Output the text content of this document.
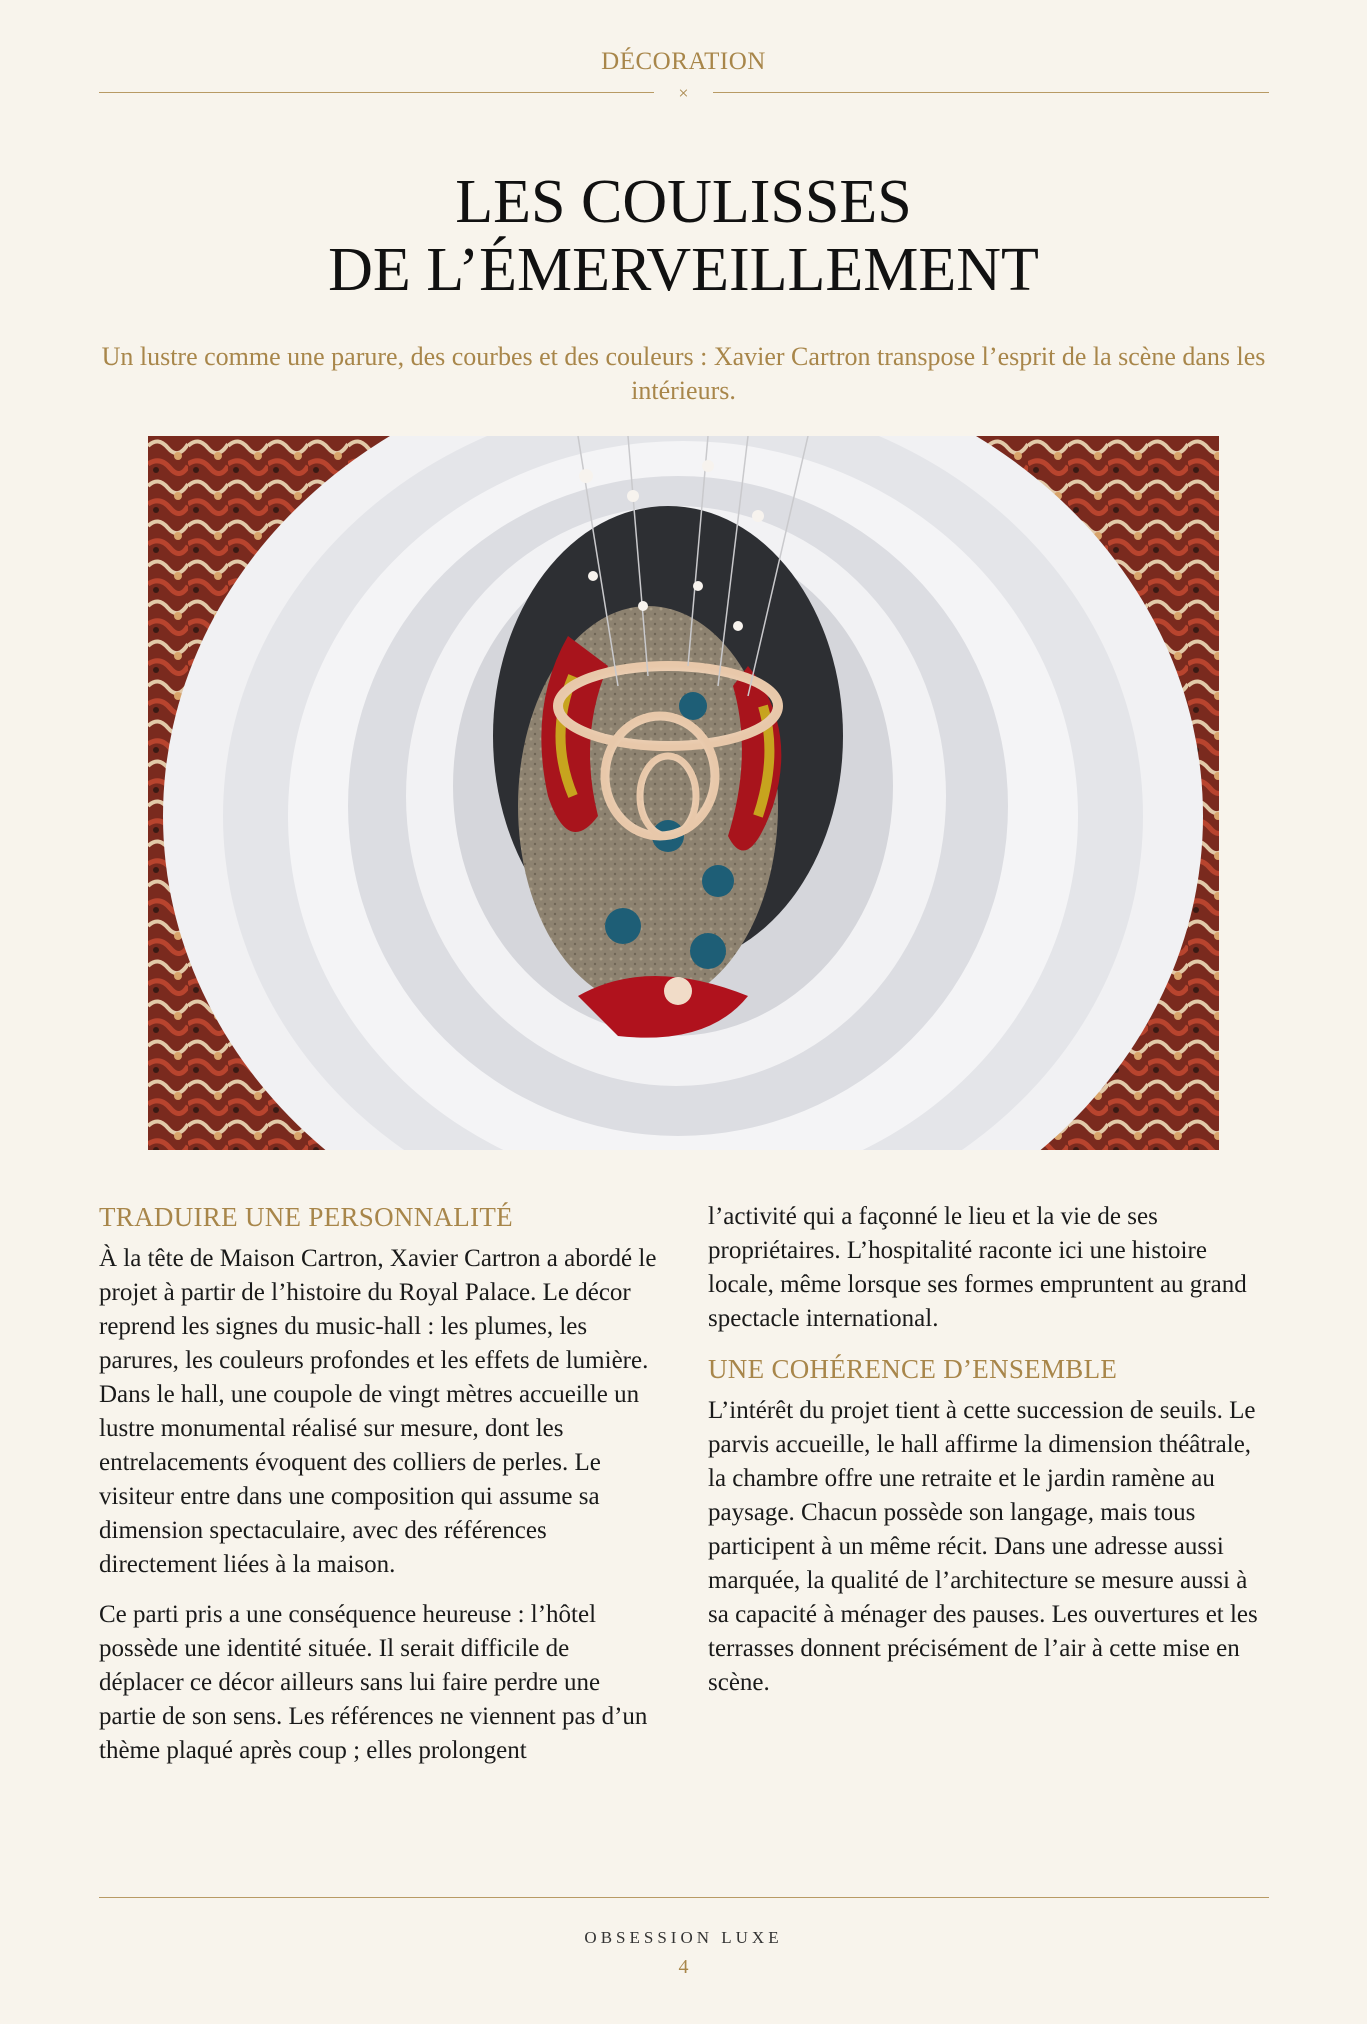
DÉCORATION
×
LES COULISSES
DE L’ÉMERVEILLEMENT
Un lustre comme une parure, des courbes et des couleurs : Xavier Cartron transpose l’esprit de la scène dans les intérieurs.
TRADUIRE UNE PERSONNALITÉ

À la tête de Maison Cartron, Xavier Cartron a abordé le projet à partir de l’histoire du Royal Palace. Le décor reprend les signes du music-hall : les plumes, les parures, les couleurs profondes et les effets de lumière. Dans le hall, une coupole de vingt mètres accueille un lustre monumental réalisé sur mesure, dont les entrelacements évoquent des colliers de perles. Le visiteur entre dans une composition qui assume sa dimension spectaculaire, avec des références directement liées à la maison.

Ce parti pris a une conséquence heureuse : l’hôtel possède une identité située. Il serait difficile de déplacer ce décor ailleurs sans lui faire perdre une partie de son sens. Les références ne viennent pas d’un thème plaqué après coup ; elles prolongent

l’activité qui a façonné le lieu et la vie de ses propriétaires. L’hospitalité raconte ici une histoire locale, même lorsque ses formes empruntent au grand spectacle international.

UNE COHÉRENCE D’ENSEMBLE

L’intérêt du projet tient à cette succession de seuils. Le parvis accueille, le hall affirme la dimension théâtrale, la chambre offre une retraite et le jardin ramène au paysage. Chacun possède son langage, mais tous participent à un même récit. Dans une adresse aussi marquée, la qualité de l’architecture se mesure aussi à sa capacité à ménager des pauses. Les ouvertures et les terrasses donnent précisément de l’air à cette mise en scène.

OBSESSION LUXE
4
